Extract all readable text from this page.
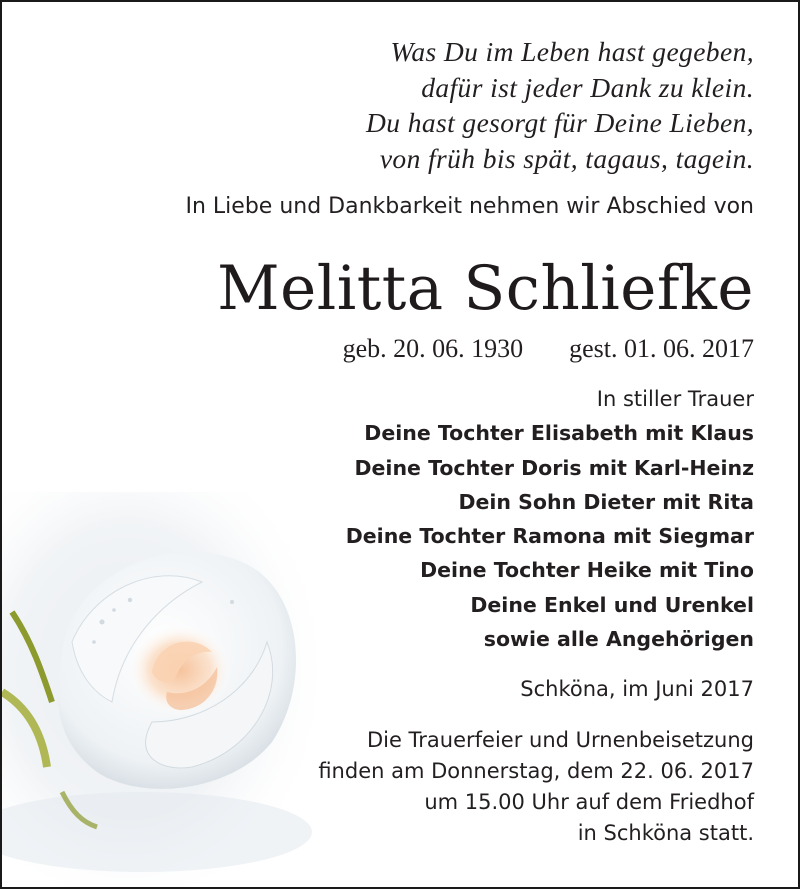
Was Du im Leben hast gegeben,
dafür ist jeder Dank zu klein.
Du hast gesorgt für Deine Lieben,
von früh bis spät, tagaus, tagein.
In Liebe und Dankbarkeit nehmen wir Abschied von
Melitta Schliefke
geb. 20. 06. 1930 gest. 01. 06. 2017
In stiller Trauer
Deine Tochter Elisabeth mit Klaus
Deine Tochter Doris mit Karl-Heinz
Dein Sohn Dieter mit Rita
Deine Tochter Ramona mit Siegmar
Deine Tochter Heike mit Tino
Deine Enkel und Urenkel
sowie alle Angehörigen
Schköna, im Juni 2017
Die Trauerfeier und Urnenbeisetzung
finden am Donnerstag, dem 22. 06. 2017
um 15.00 Uhr auf dem Friedhof
in Schköna statt.
